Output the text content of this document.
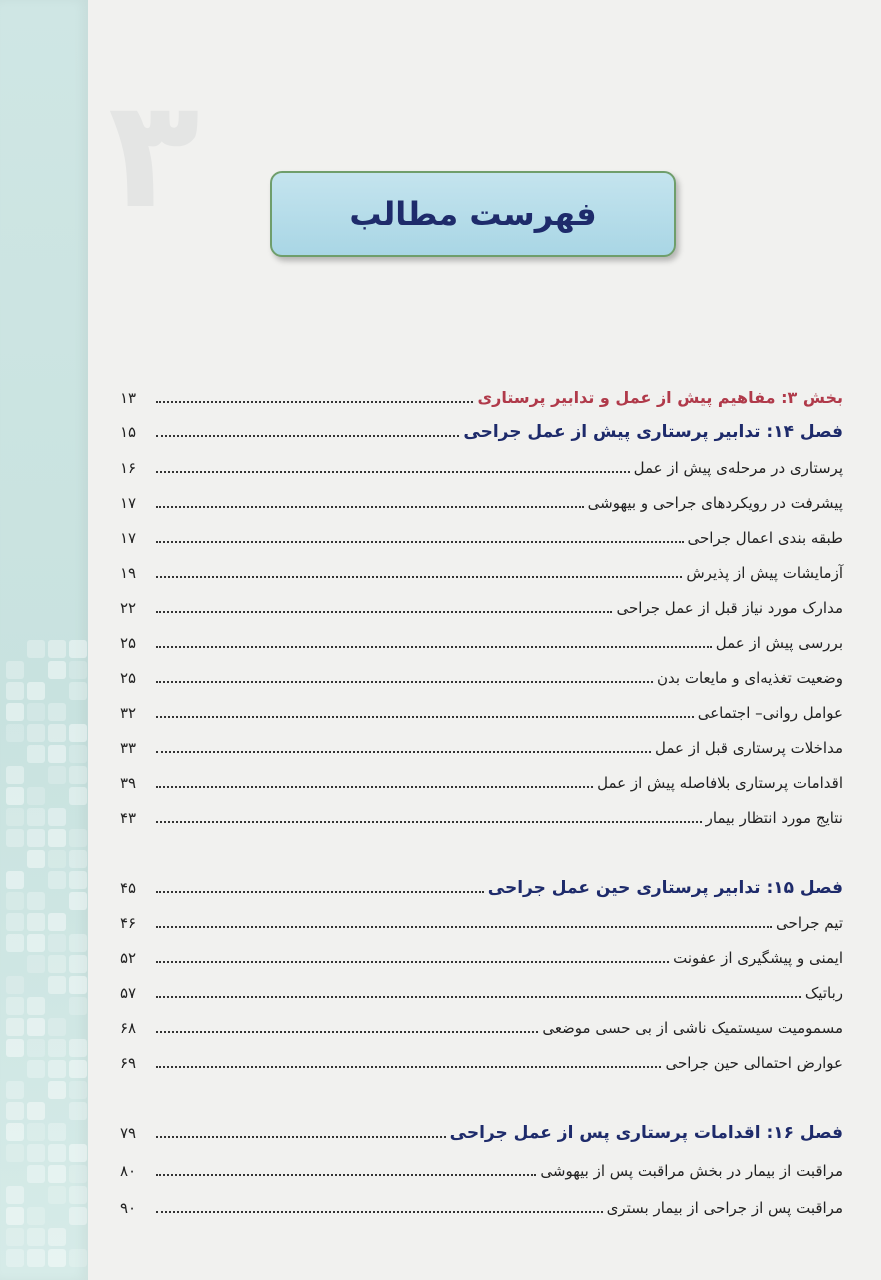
۳	فهرست مطالب
بخش ۳: مفاهیم پیش از عمل و تدابیر پرستاری
۱۳
فصل ۱۴: تدابیر پرستاری پیش از عمل جراحی
۱۵
پرستاری در مرحله‌ی پیش از عمل
۱۶
پیشرفت در رویکردهای جراحی و بیهوشی
۱۷
طبقه بندی اعمال جراحی
۱۷
آزمایشات پیش از پذیرش
۱۹
مدارک مورد نیاز قبل از عمل جراحی
۲۲
بررسی پیش از عمل
۲۵
وضعیت تغذیه‌ای و مایعات بدن
۲۵
عوامل روانی– اجتماعی
۳۲
مداخلات پرستاری قبل از عمل
۳۳
اقدامات پرستاری بلافاصله پیش از عمل
۳۹
نتایج مورد انتظار بیمار
۴۳
فصل ۱۵: تدابیر پرستاری حین عمل جراحی
۴۵
تیم جراحی
۴۶
ایمنی و پیشگیری از عفونت
۵۲
رباتیک
۵۷
مسمومیت سیستمیک ناشی از بی حسی موضعی
۶۸
عوارض احتمالی حین جراحی
۶۹
فصل ۱۶: اقدامات پرستاری پس از عمل جراحی
۷۹
مراقبت از بیمار در بخش مراقبت پس از بیهوشی
۸۰
مراقبت پس از جراحی از بیمار بستری
۹۰
